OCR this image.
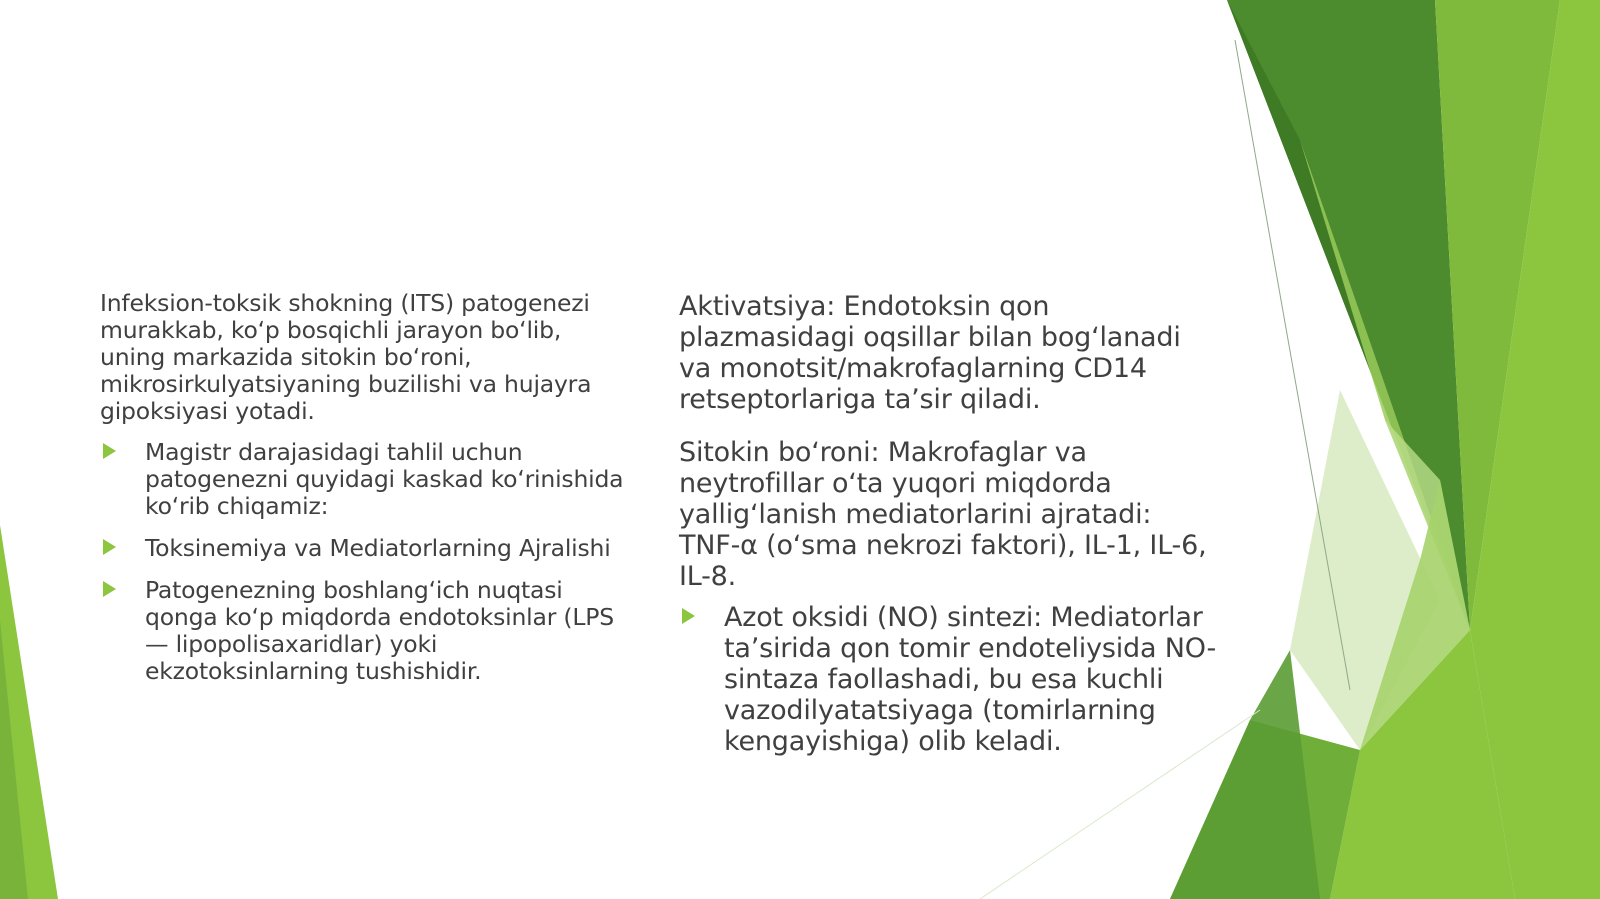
Infeksion-toksik shokning (ITS) patogenezi murakkab, koʻp bosqichli jarayon boʻlib, uning markazida sitokin boʻroni, mikrosirkulyatsiyaning buzilishi va hujayra gipoksiyasi yotadi.

Magistr darajasidagi tahlil uchun patogenezni quyidagi kaskad koʻrinishida koʻrib chiqamiz:
Toksinemiya va Mediatorlarning Ajralishi
Patogenezning boshlangʻich nuqtasi qonga koʻp miqdorda endotoksinlar (LPS — lipopolisaxaridlar) yoki ekzotoksinlarning tushishidir.

Aktivatsiya: Endotoksin qon plazmasidagi oqsillar bilan bogʻlanadi va monotsit/makrofaglarning CD14 retseptorlariga taʼsir qiladi.

Sitokin boʻroni: Makrofaglar va neytrofillar oʻta yuqori miqdorda yalligʻlanish mediatorlarini ajratadi: TNF-α (oʻsma nekrozi faktori), IL-1, IL-6, IL-8.

Azot oksidi (NO) sintezi: Mediatorlar taʼsirida qon tomir endoteliysida NO-sintaza faollashadi, bu esa kuchli vazodilyatatsiyaga (tomirlarning kengayishiga) olib keladi.
